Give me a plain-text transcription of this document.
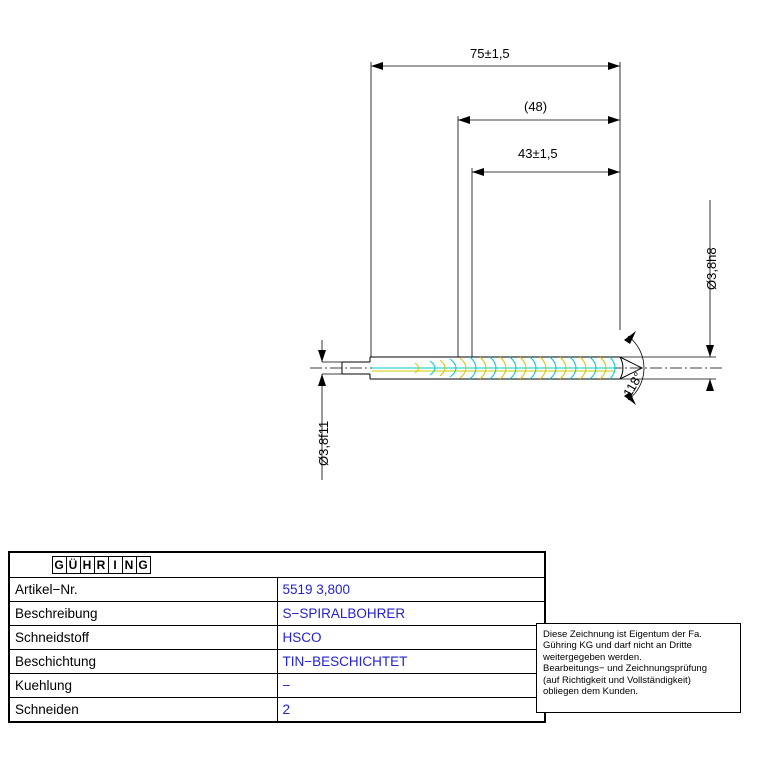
75±1,5
(48)
43±1,5
Ø3,8h8
Ø3,8f11
118°
G Ü H R I N G	
Artikel−Nr.	5519 3,800
Beschreibung	S−SPIRALBOHRER
Schneidstoff	HSCO
Beschichtung	TIN−BESCHICHTET
Kuehlung	−
Schneiden	2

Diese Zeichnung ist Eigentum der Fa.

Gühring KG und darf nicht an Dritte

weitergegeben werden.

Bearbeitungs− und Zeichnungsprüfung

(auf Richtigkeit und Vollständigkeit)

obliegen dem Kunden.
